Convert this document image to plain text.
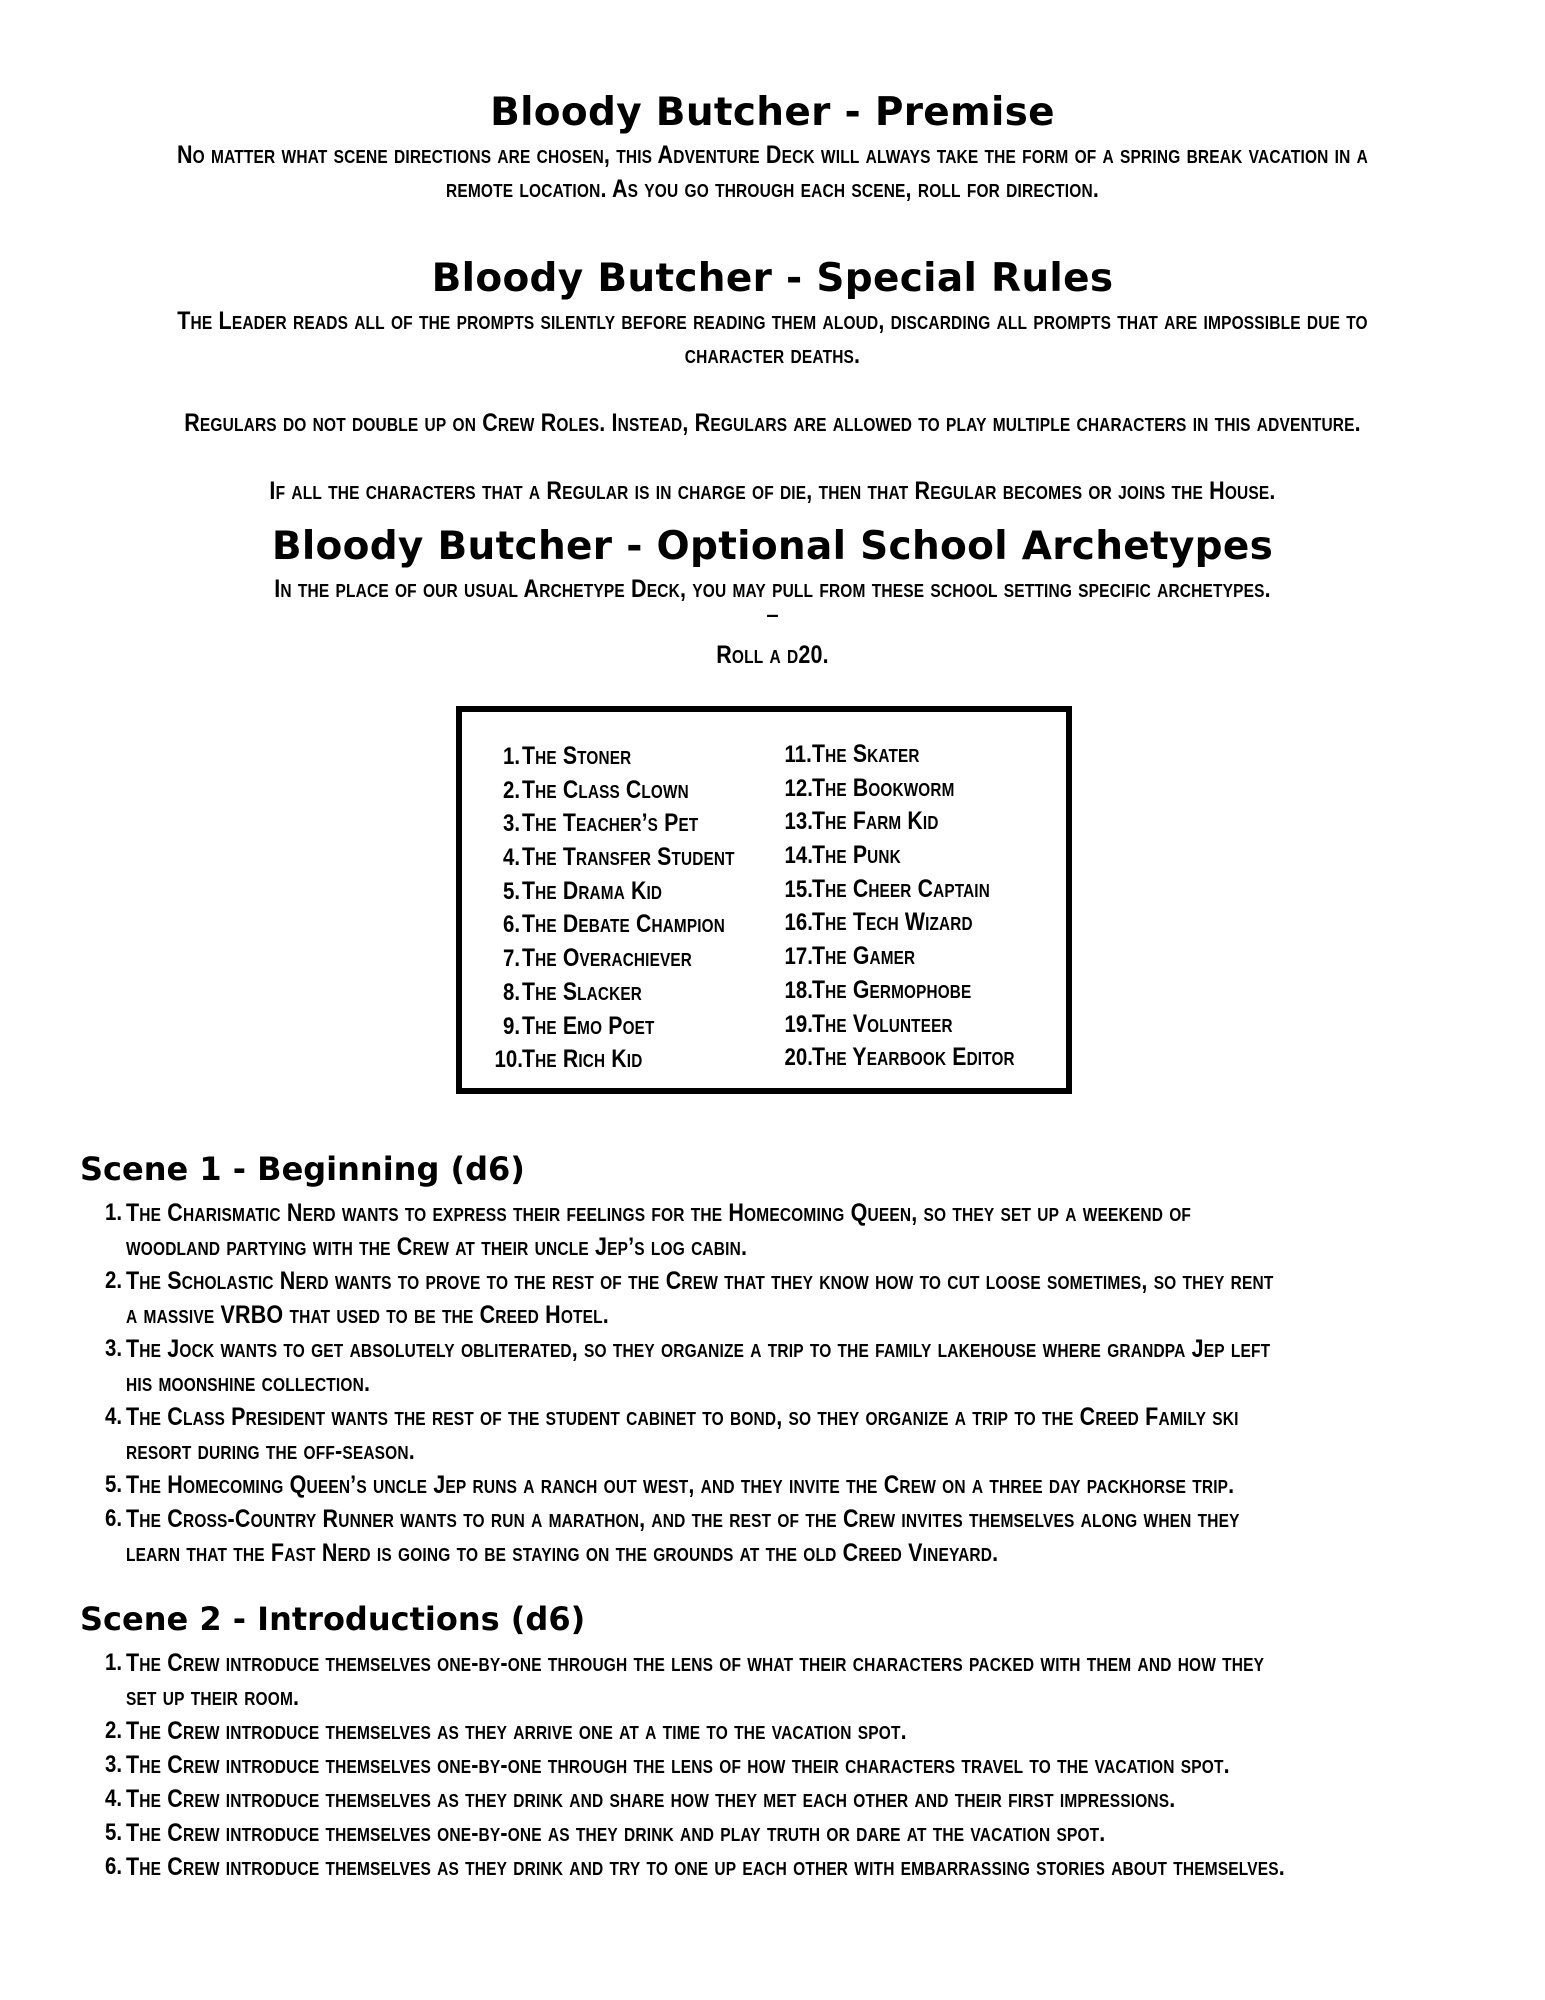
Bloody Butcher - Premise

No matter what scene directions are chosen, this Adventure Deck will always take the form of a spring break vacation in a remote location. As you go through each scene, roll for direction.

Bloody Butcher - Special Rules

The Leader reads all of the prompts silently before reading them aloud, discarding all prompts that are impossible due to character deaths.

Regulars do not double up on Crew Roles. Instead, Regulars are allowed to play multiple characters in this adventure.

If all the characters that a Regular is in charge of die, then that Regular becomes or joins the House.

Bloody Butcher - Optional School Archetypes

In the place of our usual Archetype Deck, you may pull from these school setting specific archetypes.

–

Roll a d20.

1. The Stoner
2. The Class Clown
3. The Teacher’s Pet
4. The Transfer Student
5. The Drama Kid
6. The Debate Champion
7. The Overachiever
8. The Slacker
9. The Emo Poet
10. The Rich Kid
11. The Skater
12. The Bookworm
13. The Farm Kid
14. The Punk
15. The Cheer Captain
16. The Tech Wizard
17. The Gamer
18. The Germophobe
19. The Volunteer
20. The Yearbook Editor
Scene 1 - Beginning (d6)
1. The Charismatic Nerd wants to express their feelings for the Homecoming Queen, so they set up a weekend of woodland partying with the Crew at their uncle Jep’s log cabin.
2. The Scholastic Nerd wants to prove to the rest of the Crew that they know how to cut loose sometimes, so they rent a massive VRBO that used to be the Creed Hotel.
3. The Jock wants to get absolutely obliterated, so they organize a trip to the family lakehouse where grandpa Jep left his moonshine collection.
4. The Class President wants the rest of the student cabinet to bond, so they organize a trip to the Creed Family ski resort during the off-season.
5. The Homecoming Queen’s uncle Jep runs a ranch out west, and they invite the Crew on a three day packhorse trip.
6. The Cross-Country Runner wants to run a marathon, and the rest of the Crew invites themselves along when they learn that the Fast Nerd is going to be staying on the grounds at the old Creed Vineyard.
Scene 2 - Introductions (d6)
1. The Crew introduce themselves one-by-one through the lens of what their characters packed with them and how they set up their room.
2. The Crew introduce themselves as they arrive one at a time to the vacation spot.
3. The Crew introduce themselves one-by-one through the lens of how their characters travel to the vacation spot.
4. The Crew introduce themselves as they drink and share how they met each other and their first impressions.
5. The Crew introduce themselves one-by-one as they drink and play truth or dare at the vacation spot.
6. The Crew introduce themselves as they drink and try to one up each other with embarrassing stories about themselves.
